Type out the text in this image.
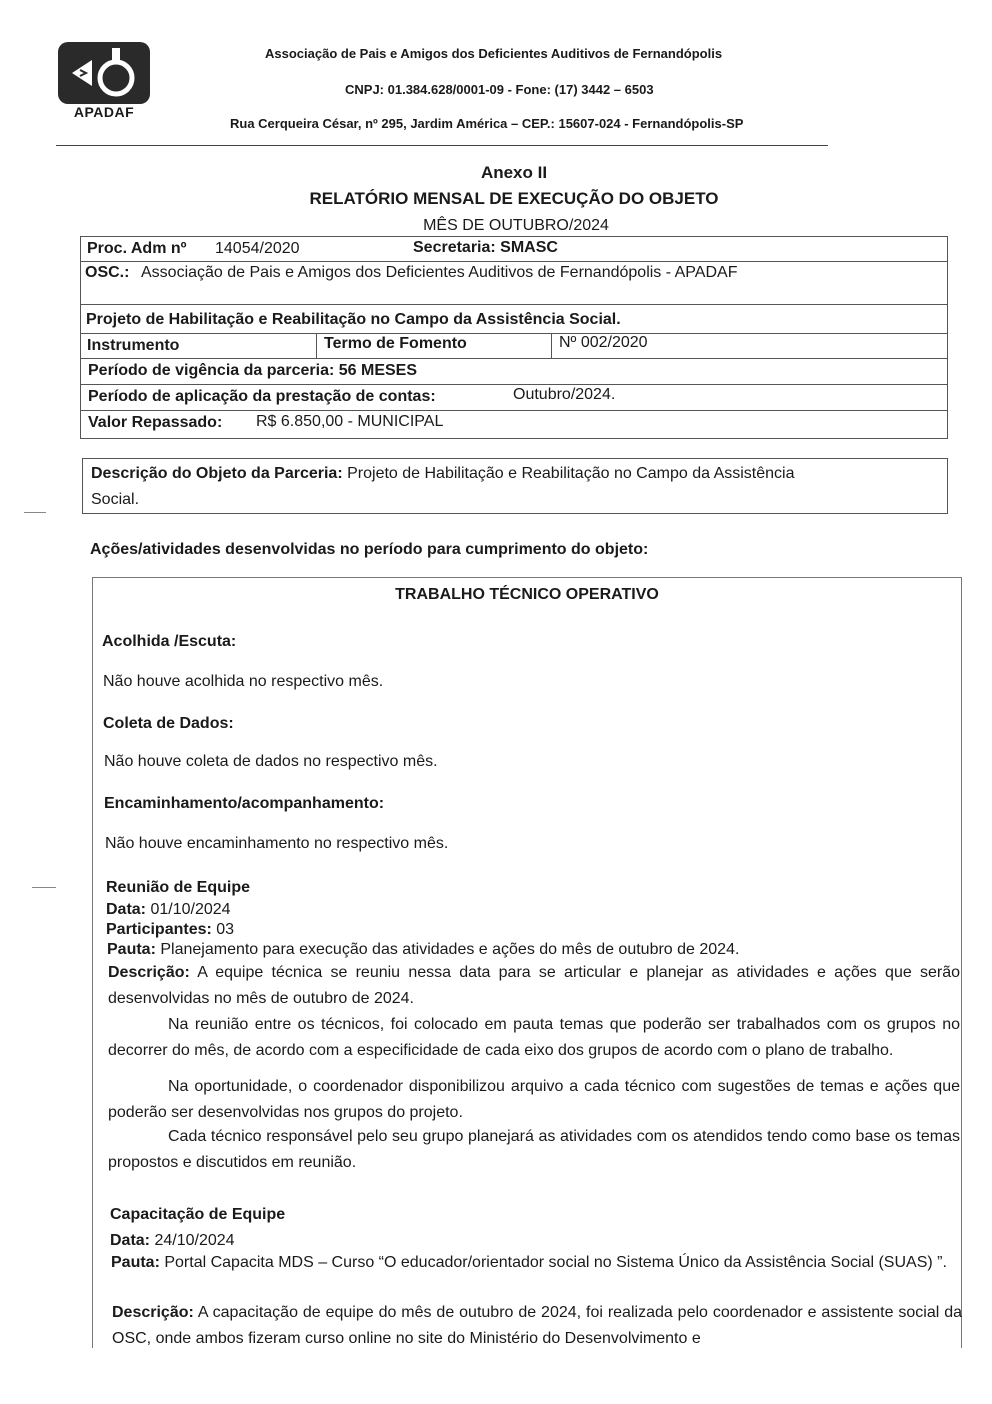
APADAF
Associação de Pais e Amigos dos Deficientes Auditivos de Fernandópolis
CNPJ: 01.384.628/0001-09 - Fone: (17) 3442 – 6503
Rua Cerqueira César, nº 295, Jardim América – CEP.: 15607-024 - Fernandópolis-SP
Anexo II
RELATÓRIO MENSAL DE EXECUÇÃO DO OBJETO
MÊS DE OUTUBRO/2024
Proc. Adm nº 14054/2020	Secretaria: SMASC
OSC.: Associação de Pais e Amigos dos Deficientes Auditivos de Fernandópolis - APADAF
Projeto de Habilitação e Reabilitação no Campo da Assistência Social.
Instrumento	Termo de Fomento	Nº 002/2020
Período de vigência da parceria: 56 MESES
Período de aplicação da prestação de contas:	Outubro/2024.
Valor Repassado: R$ 6.850,00 - MUNICIPAL
Descrição do Objeto da Parceria: Projeto de Habilitação e Reabilitação no Campo da Assistência
Social.
Ações/atividades desenvolvidas no período para cumprimento do objeto:
TRABALHO TÉCNICO OPERATIVO
Acolhida /Escuta:
Não houve acolhida no respectivo mês.
Coleta de Dados:
Não houve coleta de dados no respectivo mês.
Encaminhamento/acompanhamento:
Não houve encaminhamento no respectivo mês.
Reunião de Equipe
Data: 01/10/2024
Participantes: 03
Pauta: Planejamento para execução das atividades e ações do mês de outubro de 2024.
Descrição: A equipe técnica se reuniu nessa data para se articular e planejar as atividades e ações que serão desenvolvidas no mês de outubro de 2024.
Na reunião entre os técnicos, foi colocado em pauta temas que poderão ser trabalhados com os grupos no decorrer do mês, de acordo com a especificidade de cada eixo dos grupos de acordo com o plano de trabalho.
Na oportunidade, o coordenador disponibilizou arquivo a cada técnico com sugestões de temas e ações que poderão ser desenvolvidas nos grupos do projeto.
Cada técnico responsável pelo seu grupo planejará as atividades com os atendidos tendo como base os temas propostos e discutidos em reunião.
Capacitação de Equipe
Data: 24/10/2024
Pauta: Portal Capacita MDS – Curso “O educador/orientador social no Sistema Único da Assistência Social (SUAS) ”.
Descrição: A capacitação de equipe do mês de outubro de 2024, foi realizada pelo coordenador e assistente social da OSC, onde ambos fizeram curso online no site do Ministério do Desenvolvimento e
